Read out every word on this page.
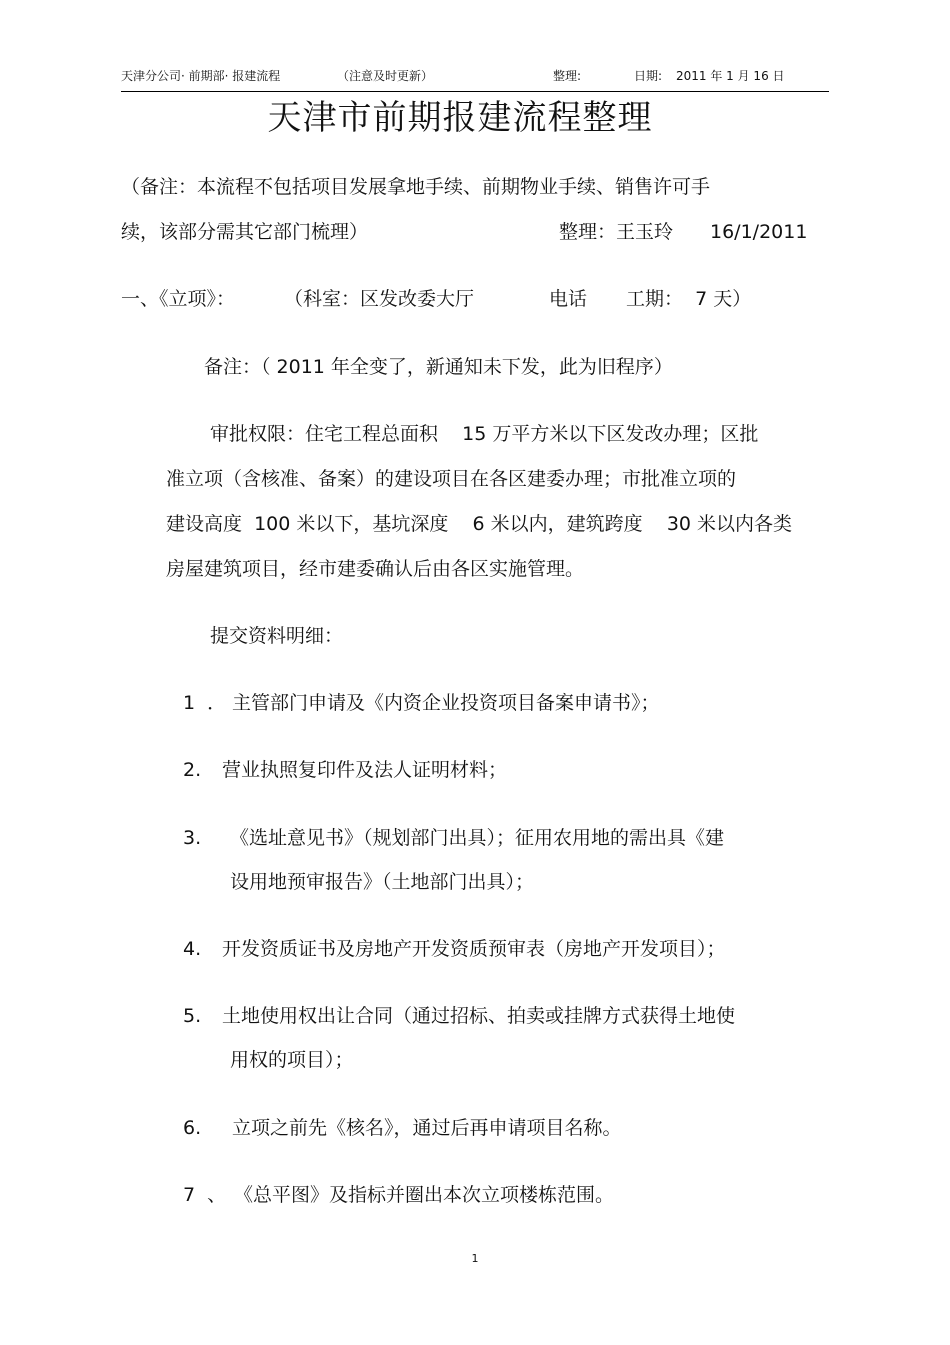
天津分公司· 前期部· 报建流程	（注意及时更新）	整理:	日期: 2011 年 1 月 16 日
天津市前期报建流程整理
（备注：本流程不包括项目发展拿地手续、前期物业手续、销售许可手
续，该部分需其它部门梳理）	整理：王玉玲 16/1/2011
一、《立项》：	（科室：区发改委大厅	电话 工期：  7 天）
备注：（ 2011 年全变了，新通知未下发，此为旧程序）
审批权限：住宅工程总面积    15 万平方米以下区发改办理；区批
准立项（含核准、备案）的建设项目在各区建委办理；市批准立项的
建设高度  100 米以下，基坑深度    6 米以内，建筑跨度    30 米以内各类
房屋建筑项目，经市建委确认后由各区实施管理。
提交资料明细：
1  ． 主管部门申请及《内资企业投资项目备案申请书》；
2. 营业执照复印件及法人证明材料；
3. 《选址意见书》（规划部门出具）；征用农用地的需出具《建
设用地预审报告》（土地部门出具）；
4. 开发资质证书及房地产开发资质预审表（房地产开发项目）；
5. 土地使用权出让合同（通过招标、拍卖或挂牌方式获得土地使
用权的项目）；
6. 立项之前先《核名》，通过后再申请项目名称。
7  、 《总平图》及指标并圈出本次立项楼栋范围。
1
